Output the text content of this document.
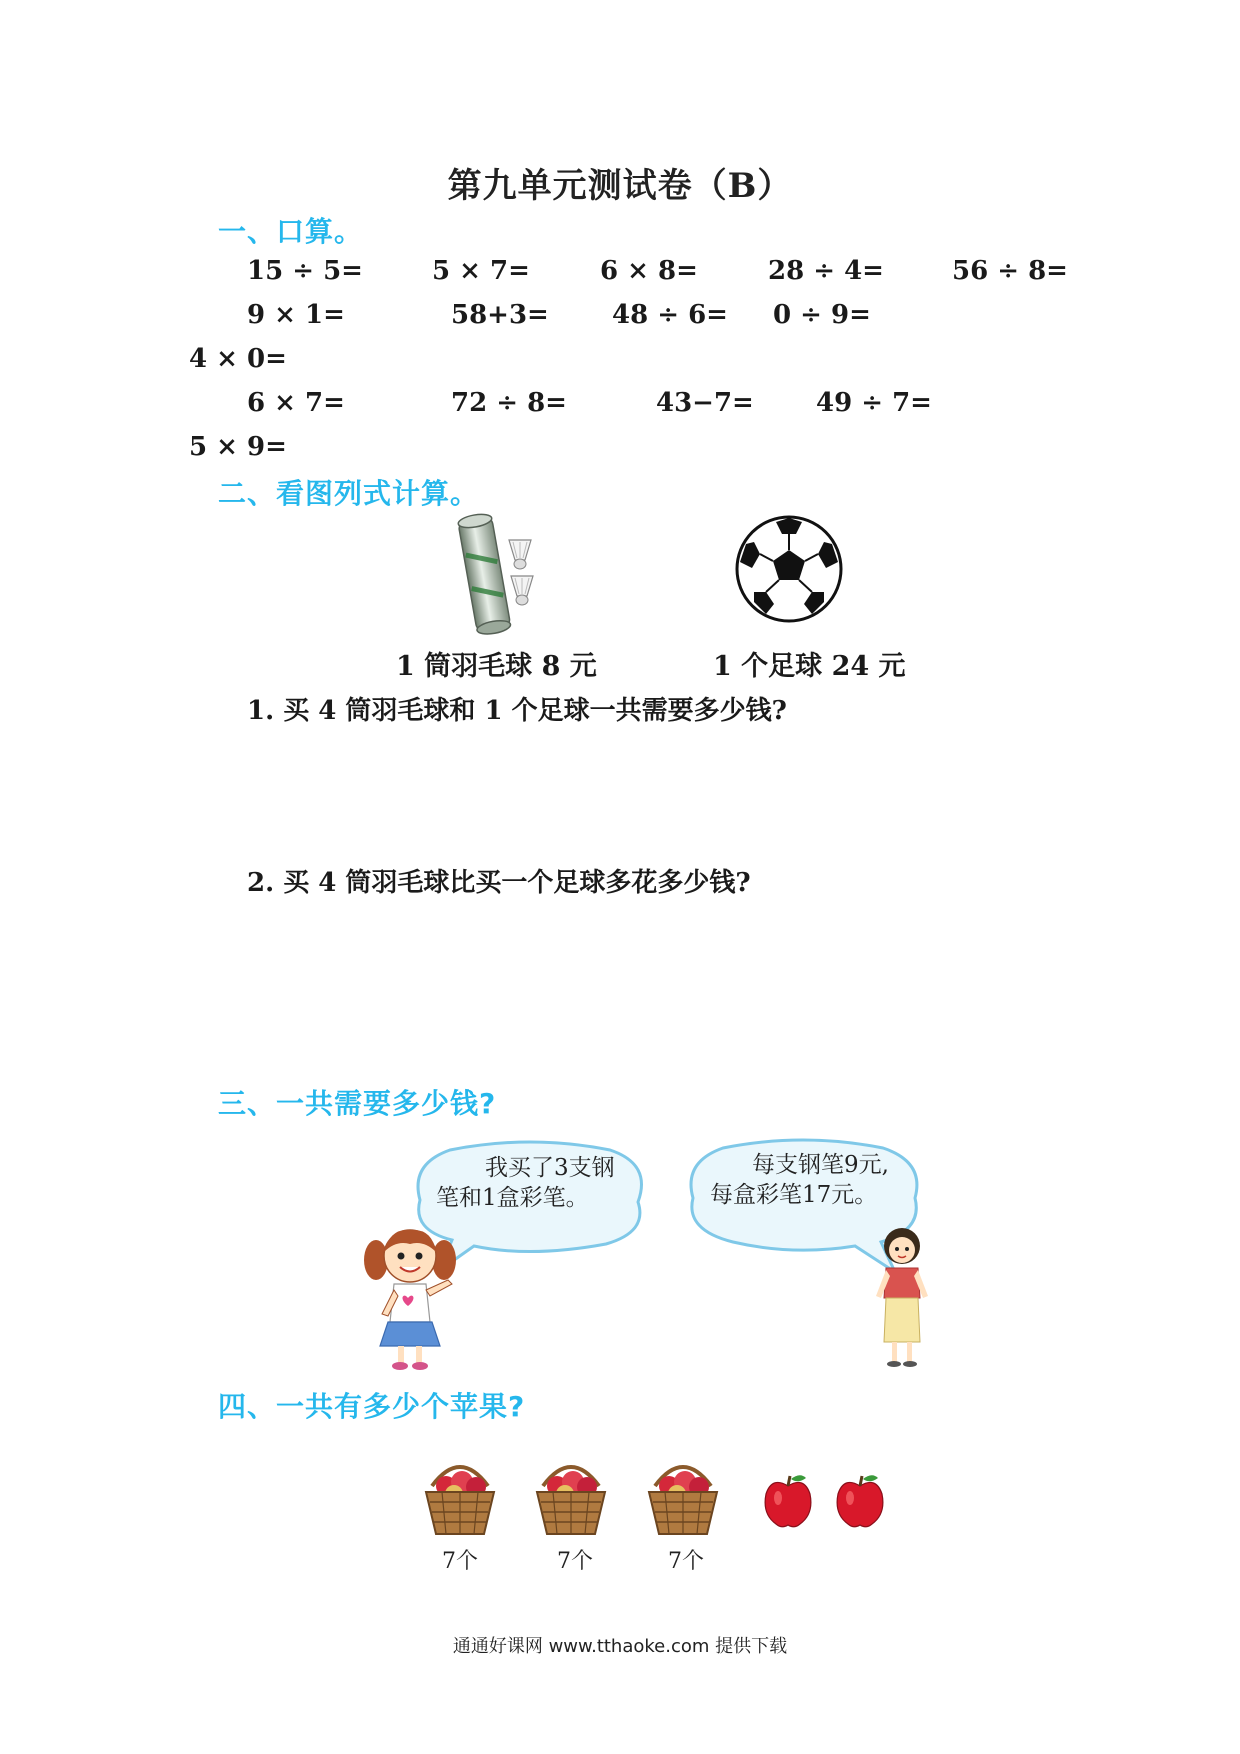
第九单元测试卷（B）
一、口算。
15 ÷ 5=	5 × 7=	6 × 8=	28 ÷ 4=	56 ÷ 8=
9 × 1=	58+3= 48 ÷ 6= 0 ÷ 9=
4 × 0=
6 × 7=	72 ÷ 8=	43−7= 49 ÷ 7=
5 × 9=
二、看图列式计算。
1 筒羽毛球 8 元	1 个足球 24 元
1. 买 4 筒羽毛球和 1 个足球一共需要多少钱?
2. 买 4 筒羽毛球比买一个足球多花多少钱?
三、一共需要多少钱?
我买了3支钢
笔和1盒彩笔。
每支钢笔9元,
每盒彩笔17元。
四、一共有多少个苹果?
7个	7个	7个
通通好课网 www.tthaoke.com 提供下载
